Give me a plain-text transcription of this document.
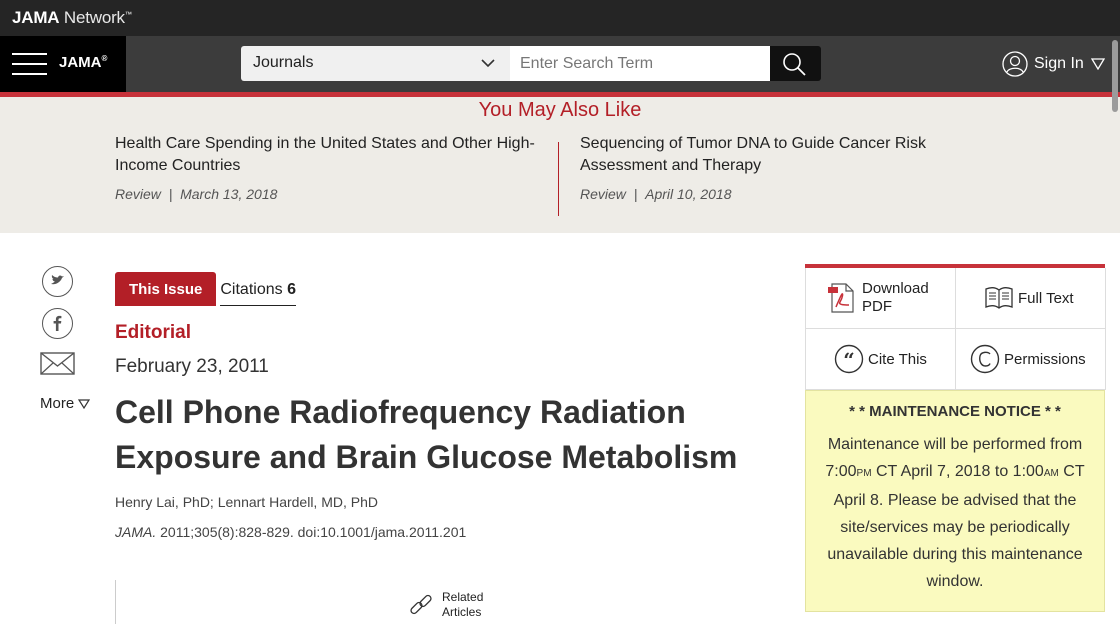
JAMA Network™
JAMA®	Journals
Enter Search Term	Sign In
You May Also Like
Health Care Spending in the United States and Other High-Income Countries
Review | March 13, 2018
Sequencing of Tumor DNA to Guide Cancer Risk Assessment and Therapy
Review | April 10, 2018
More
This Issue	Citations 6
Editorial
February 23, 2011
Cell Phone Radiofrequency Radiation Exposure and Brain Glucose Metabolism
Henry Lai, PhD; Lennart Hardell, MD, PhD
JAMA. 2011;305(8):828-829. doi:10.1001/jama.2011.201
Related
Articles
Download
PDF	Full Text
“ Cite This	Permissions
* * MAINTENANCE NOTICE * *
Maintenance will be performed from
7:00PM CT April 7, 2018 to 1:00AM CT
April 8. Please be advised that the site/services may be periodically unavailable during this maintenance window.
